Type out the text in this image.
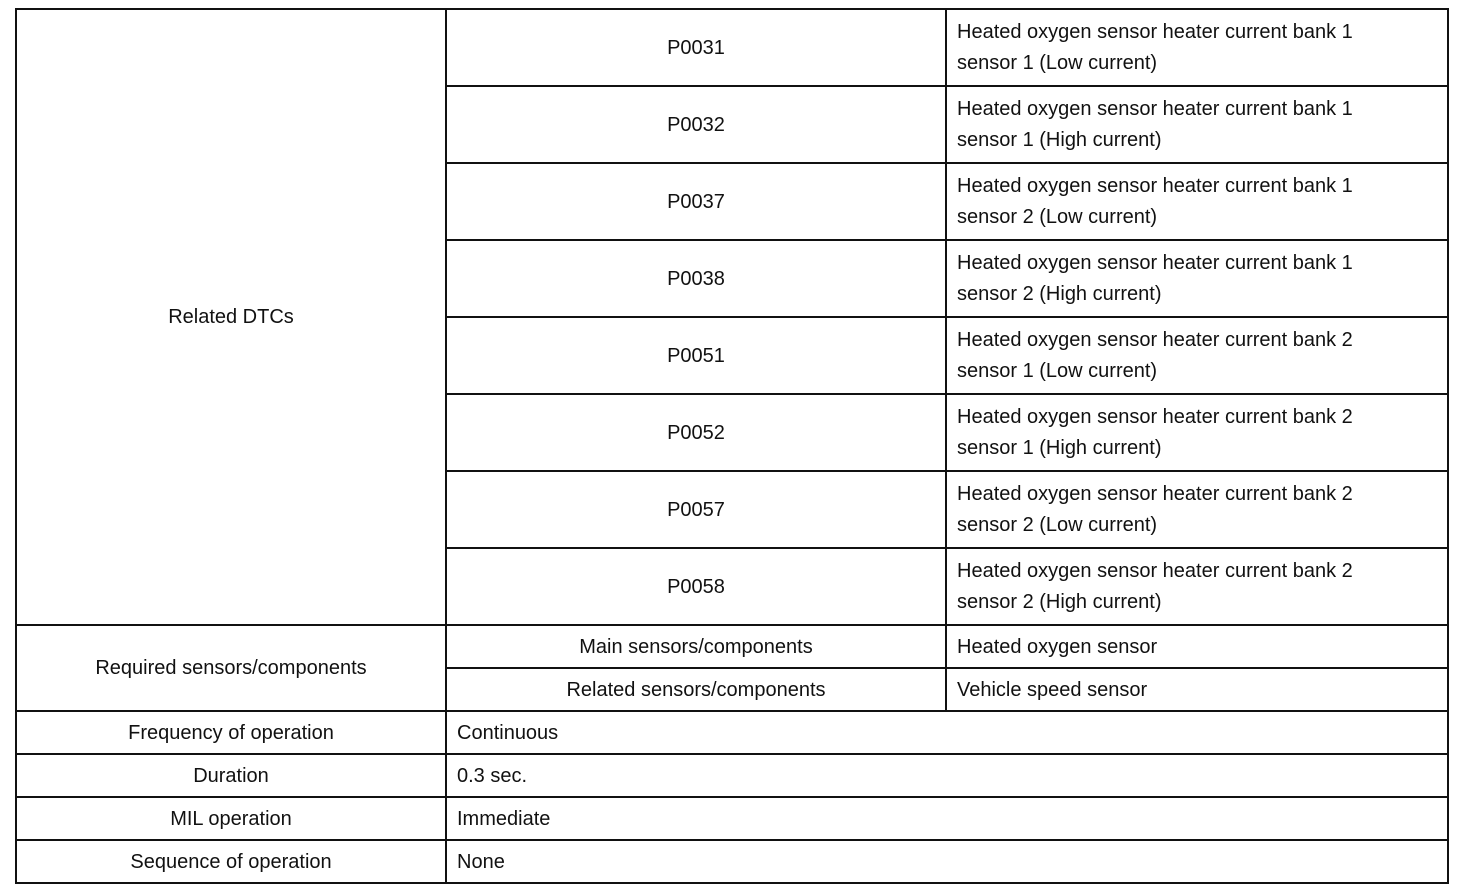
Related DTCs	P0031	Heated oxygen sensor heater current bank 1
sensor 1 (Low current)
	P0032	Heated oxygen sensor heater current bank 1
sensor 1 (High current)
	P0037	Heated oxygen sensor heater current bank 1
sensor 2 (Low current)
	P0038	Heated oxygen sensor heater current bank 1
sensor 2 (High current)
	P0051	Heated oxygen sensor heater current bank 2
sensor 1 (Low current)
	P0052	Heated oxygen sensor heater current bank 2
sensor 1 (High current)
	P0057	Heated oxygen sensor heater current bank 2
sensor 2 (Low current)
	P0058	Heated oxygen sensor heater current bank 2
sensor 2 (High current)
Required sensors/components	Main sensors/components	Heated oxygen sensor
	Related sensors/components	Vehicle speed sensor
Frequency of operation	Continuous	
Duration	0.3 sec.	
MIL operation	Immediate	
Sequence of operation	None	
